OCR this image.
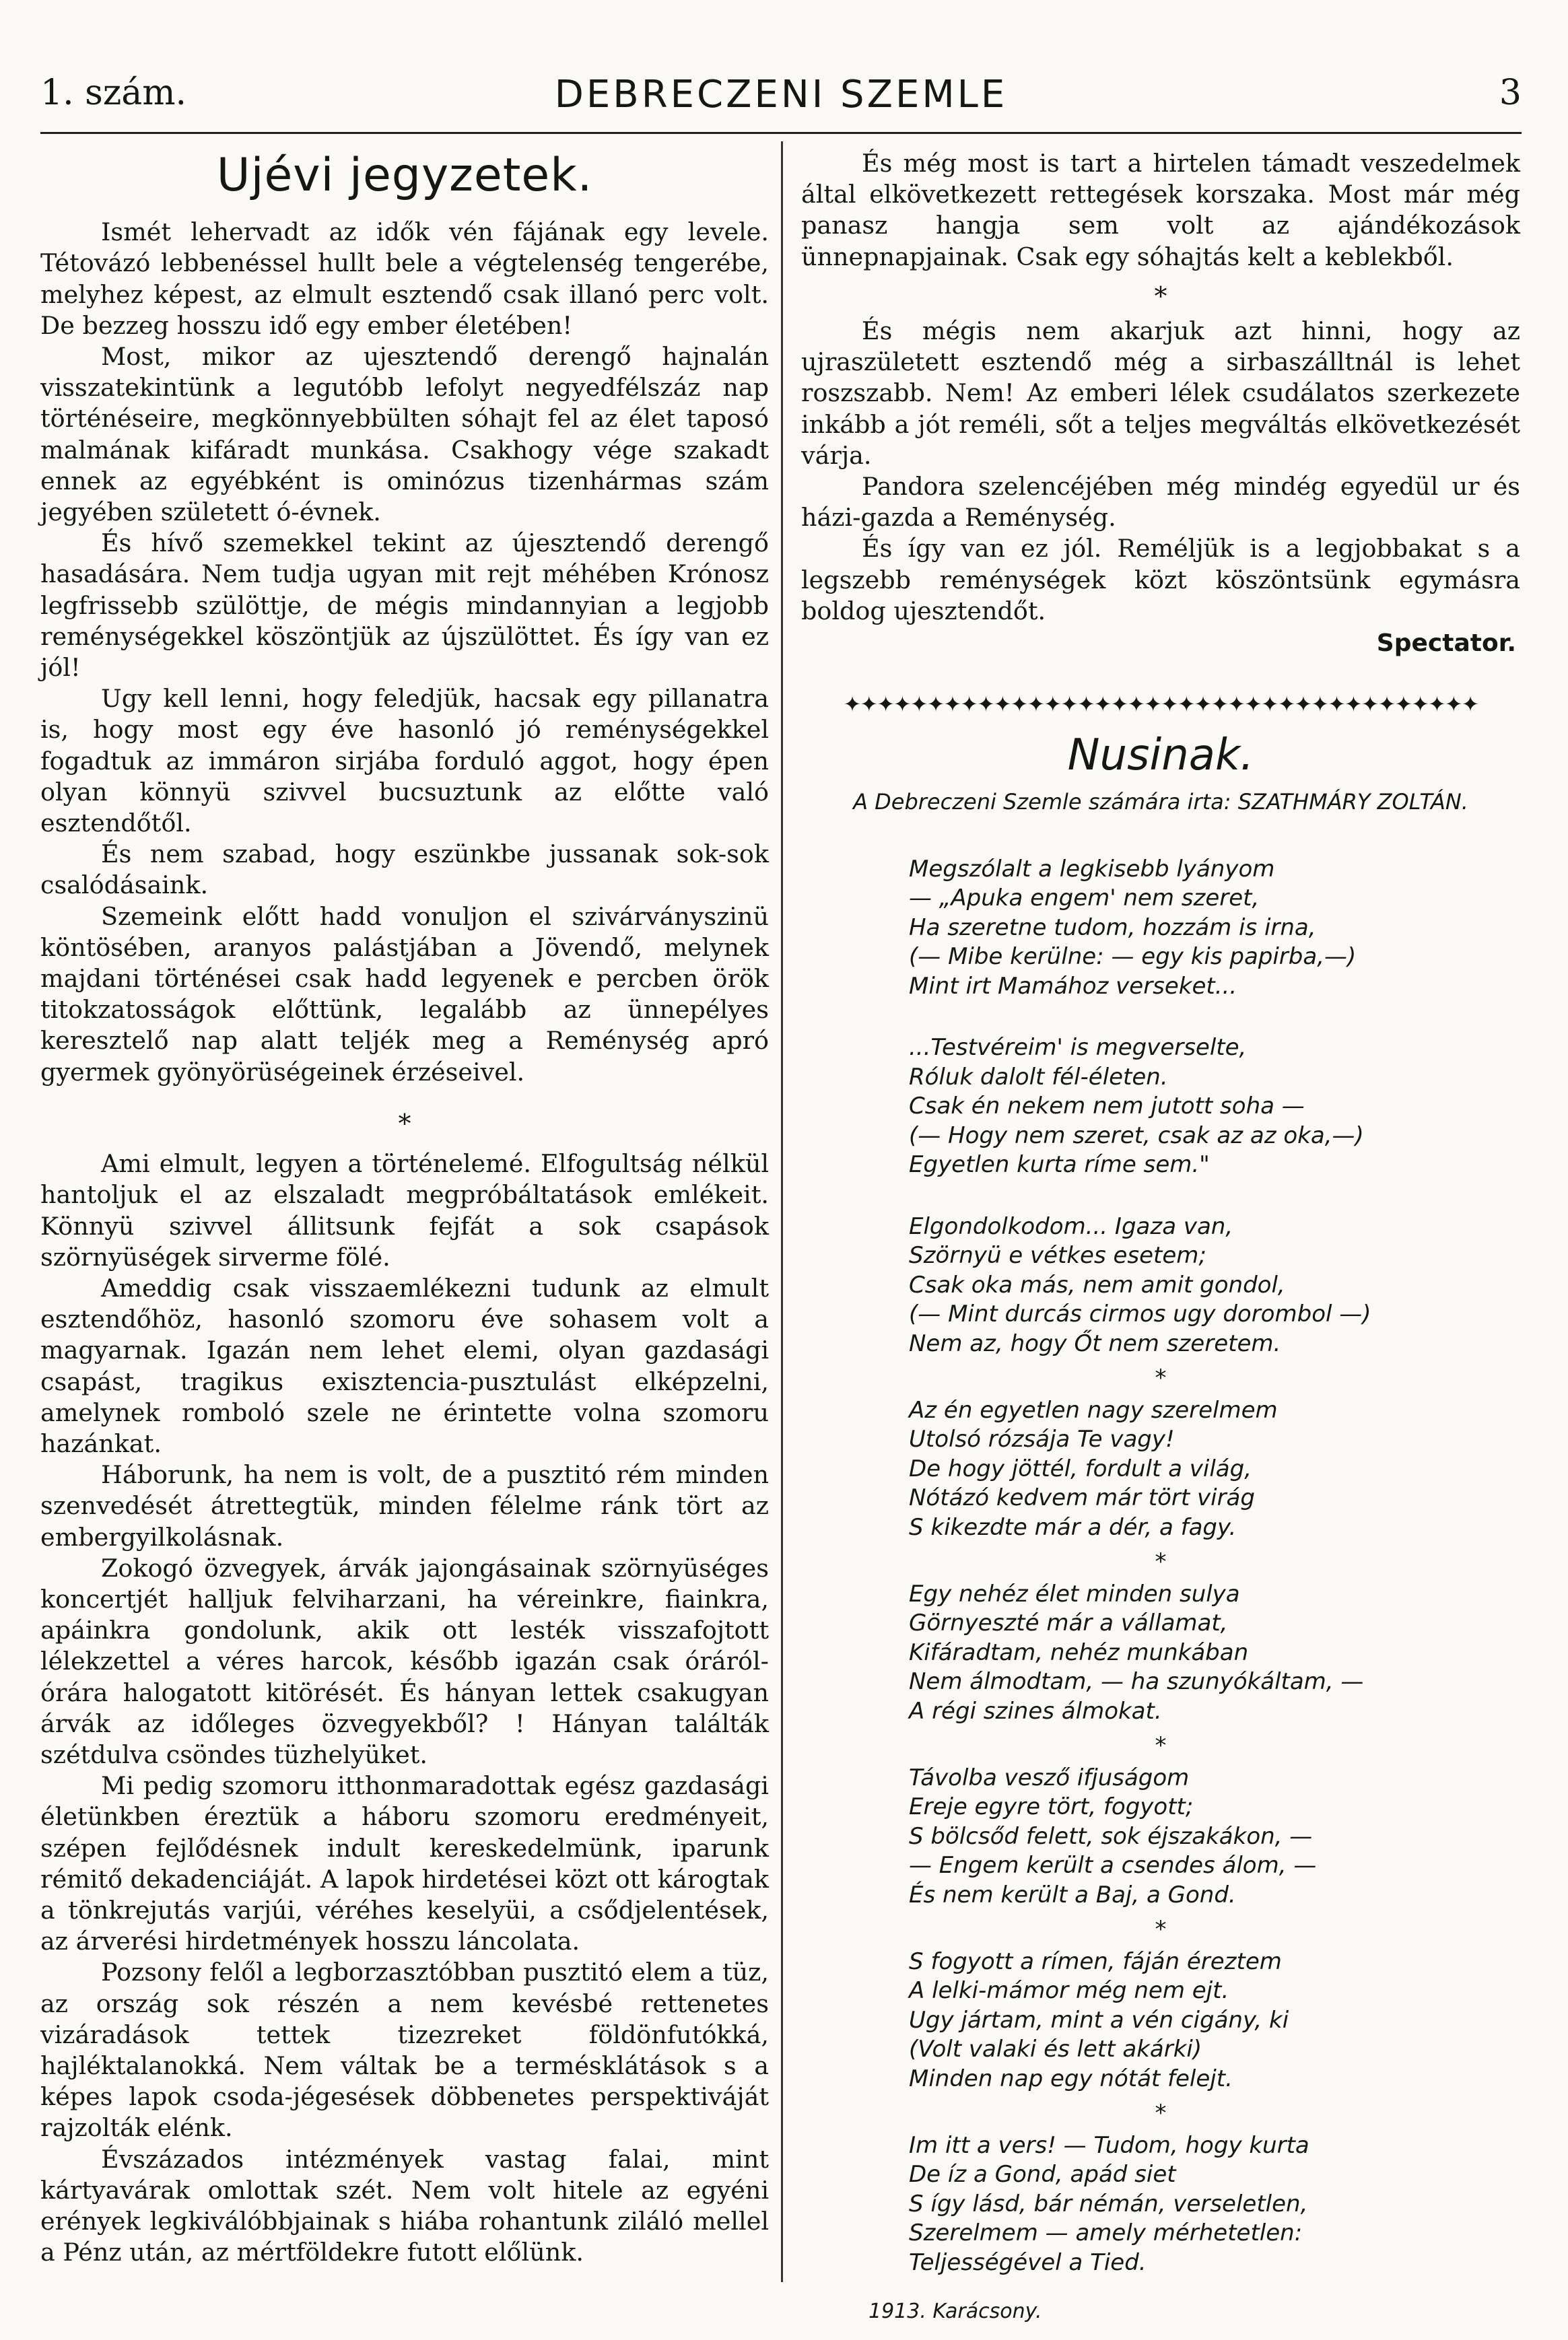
1. szám.	DEBRECZENI SZEMLE	3
Ujévi jegyzetek.

Ismét lehervadt az idők vén fájának egy levele. Tétovázó lebbenéssel hullt bele a végtelenség tengerébe, melyhez képest, az elmult esztendő csak illanó perc volt. De bezzeg hosszu idő egy ember életében!

Most, mikor az ujesztendő derengő hajnalán visszatekintünk a legutóbb lefolyt negyedfélszáz nap történéseire, megkönnyebbülten sóhajt fel az élet taposó malmának kifáradt munkása. Csakhogy vége szakadt ennek az egyébként is ominózus tizenhármas szám jegyében született ó-évnek.

És hívő szemekkel tekint az újesztendő derengő hasadására. Nem tudja ugyan mit rejt méhében Krónosz legfrissebb szülöttje, de mégis mindannyian a legjobb reménységekkel köszöntjük az újszülöttet. És így van ez jól!

Ugy kell lenni, hogy feledjük, hacsak egy pillanatra is, hogy most egy éve hasonló jó reménységekkel fogadtuk az immáron sirjába forduló aggot, hogy épen olyan könnyü szivvel bucsuztunk az előtte való esztendőtől.

És nem szabad, hogy eszünkbe jussanak sok-sok csalódásaink.

Szemeink előtt hadd vonuljon el szivárványszinü köntösében, aranyos palástjában a Jövendő, melynek majdani történései csak hadd legyenek e percben örök titokzatosságok előttünk, legalább az ünnepélyes keresztelő nap alatt teljék meg a Reménység apró gyermek gyönyörüségeinek érzéseivel.

*

Ami elmult, legyen a történelemé. Elfogultság nélkül hantoljuk el az elszaladt megpróbáltatások emlékeit. Könnyü szivvel állitsunk fejfát a sok csapások szörnyüségek sirverme fölé.

Ameddig csak visszaemlékezni tudunk az elmult esztendőhöz, hasonló szomoru éve sohasem volt a magyarnak. Igazán nem lehet elemi, olyan gazdasági csapást, tragikus exisztencia-pusztulást elképzelni, amelynek romboló szele ne érintette volna szomoru hazánkat.

Háborunk, ha nem is volt, de a pusztitó rém minden szenvedését átrettegtük, minden félelme ránk tört az embergyilkolásnak.

Zokogó özvegyek, árvák jajongásainak szörnyüséges koncertjét halljuk felviharzani, ha véreinkre, fiainkra, apáinkra gondolunk, akik ott lesték visszafojtott lélekzettel a véres harcok, később igazán csak óráról-órára halogatott kitörését. És hányan lettek csakugyan árvák az időleges özvegyekből? ! Hányan találták szétdulva csöndes tüzhelyüket.

Mi pedig szomoru itthonmaradottak egész gazdasági életünkben éreztük a háboru szomoru eredményeit, szépen fejlődésnek indult kereskedelmünk, iparunk rémitő dekadenciáját. A lapok hirdetései közt ott károgtak a tönkrejutás varjúi, véréhes keselyüi, a csődjelentések, az árverési hirdetmények hosszu láncolata.

Pozsony felől a legborzasztóbban pusztitó elem a tüz, az ország sok részén a nem kevésbé rettenetes vizáradások tettek tizezreket földönfutókká, hajléktalanokká. Nem váltak be a termésklátások s a képes lapok csoda-jégesések döbbenetes perspektiváját rajzolták elénk.

Évszázados intézmények vastag falai, mint kártyavárak omlottak szét. Nem volt hitele az egyéni erények legkiválóbbjainak s hiába rohantunk ziláló mellel a Pénz után, az mértföldekre futott előlünk.

És még most is tart a hirtelen támadt veszedelmek által elkövetkezett rettegések korszaka. Most már még panasz hangja sem volt az ajándékozások ünnepnapjainak. Csak egy sóhajtás kelt a keblekből.

*

És mégis nem akarjuk azt hinni, hogy az ujraszületett esztendő még a sirbaszálltnál is lehet roszszabb. Nem! Az emberi lélek csudálatos szerkezete inkább a jót reméli, sőt a teljes megváltás elkövetkezését várja.

Pandora szelencéjében még mindég egyedül ur és házi-gazda a Reménység.

És így van ez jól. Reméljük is a legjobbakat s a legszebb reménységek közt köszöntsünk egymásra boldog ujesztendőt.

Spectator.
✦✦✦✦✦✦✦✦✦✦✦✦✦✦✦✦✦✦✦✦✦✦✦✦✦✦✦✦✦✦✦✦✦✦✦✦✦✦
Nusinak.
A Debreczeni Szemle számára irta: SZATHMÁRY ZOLTÁN.
Megszólalt a legkisebb lyányom
— „Apuka engem' nem szeret,
Ha szeretne tudom, hozzám is irna,
(— Mibe kerülne: — egy kis papirba,—)
Mint irt Mamához verseket...
...Testvéreim' is megverselte,
Róluk dalolt fél-életen.
Csak én nekem nem jutott soha —
(— Hogy nem szeret, csak az az oka,—)
Egyetlen kurta ríme sem."
Elgondolkodom... Igaza van,
Szörnyü e vétkes esetem;
Csak oka más, nem amit gondol,
(— Mint durcás cirmos ugy dorombol —)
Nem az, hogy Őt nem szeretem.
*
Az én egyetlen nagy szerelmem
Utolsó rózsája Te vagy!
De hogy jöttél, fordult a világ,
Nótázó kedvem már tört virág
S kikezdte már a dér, a fagy.
*
Egy nehéz élet minden sulya
Görnyeszté már a vállamat,
Kifáradtam, nehéz munkában
Nem álmodtam, — ha szunyókáltam, —
A régi szines álmokat.
*
Távolba vesző ifjuságom
Ereje egyre tört, fogyott;
S bölcsőd felett, sok éjszakákon, —
— Engem került a csendes álom, —
És nem került a Baj, a Gond.
*
S fogyott a rímen, fáján éreztem
A lelki-mámor még nem ejt.
Ugy jártam, mint a vén cigány, ki
(Volt valaki és lett akárki)
Minden nap egy nótát felejt.
*
Im itt a vers! — Tudom, hogy kurta
De íz a Gond, apád siet
S így lásd, bár némán, verseletlen,
Szerelmem — amely mérhetetlen:
Teljességével a Tied.
1913. Karácsony.
